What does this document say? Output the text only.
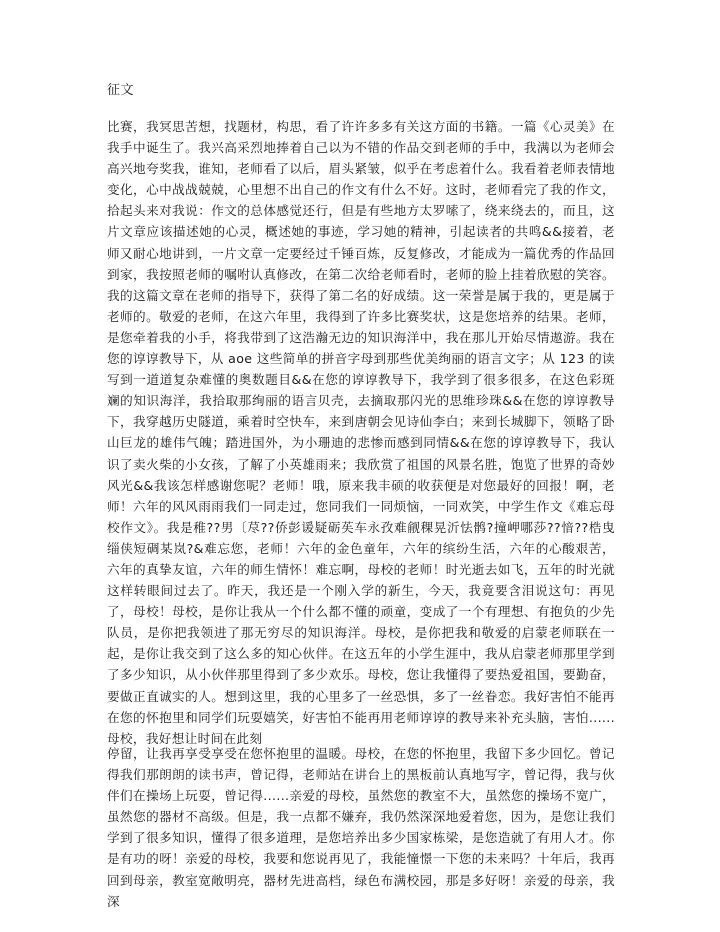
征文

比赛，我冥思苦想，找题材，构思，看了许许多多有关这方面的书籍。一篇《心灵美》在我手中诞生了。我兴高采烈地捧着自己以为不错的作品交到老师的手中，我满以为老师会高兴地夸奖我，谁知，老师看了以后，眉头紧皱，似乎在考虑着什么。我看着老师表情地变化，心中战战兢兢，心里想不出自己的作文有什么不好。这时，老师看完了我的作文，拾起头来对我说：作文的总体感觉还行，但是有些地方太罗嗦了，绕来绕去的，而且，这片文章应该描述她的心灵，概述她的事迹，学习她的精神，引起读者的共鸣&&接着，老师又耐心地讲到，一片文章一定要经过千锤百炼，反复修改，才能成为一篇优秀的作品回到家，我按照老师的嘱咐认真修改，在第二次给老师看时，老师的脸上挂着欣慰的笑容。我的这篇文章在老师的指导下，获得了第二名的好成绩。这一荣誉是属于我的，更是属于老师的。敬爱的老师，在这六年里，我得到了许多比赛奖状，这是您培养的结果。老师，是您牵着我的小手，将我带到了这浩瀚无边的知识海洋中，我在那儿开始尽情遨游。我在您的谆谆教导下，从 aoe 这些简单的拼音字母到那些优美绚丽的语言文字；从 123 的读写到一道道复杂难懂的奥数题目&&在您的谆谆教导下，我学到了很多很多，在这色彩斑斓的知识海洋，我拾取那绚丽的语言贝壳，去摘取那闪光的思维珍珠&&在您的谆谆教导下，我穿越历史隧道，乘着时空快车，来到唐朝会见诗仙李白；来到长城脚下，领略了卧山巨龙的雄伟气魄；踏进国外，为小珊迪的悲惨而感到同情&&在您的谆谆教导下，我认识了卖火柴的小女孩，了解了小英雄雨来；我欣赏了祖国的风景名胜，饱览了世界的奇妙风光&&我该怎样感谢您呢？老师！哦，原来我丰硕的收获便是对您最好的回报！啊，老师！六年的风风雨雨我们一同走过，您同我们一同烦恼，一同欢笑，中学生作文《难忘母校作文》。我是稚??男〔荩??侨彭谖疑砺苵车永孜难觎稞晃沂怯鹘?撞岬哪莎??愔??梏曳缁侠短碉某岚?&难忘您，老师！六年的金色童年，六年的缤纷生活，六年的心酸艰苦，六年的真挚友谊，六年的师生情怀！难忘啊，母校的老师！时光逝去如飞，五年的时光就这样转眼间过去了。昨天，我还是一个刚入学的新生，今天，我竟要含泪说这句：再见了，母校！母校，是你让我从一个什么都不懂的顽童，变成了一个有理想、有抱负的少先队员，是你把我领进了那无穷尽的知识海洋。母校，是你把我和敬爱的启蒙老师联在一起，是你让我交到了这么多的知心伙伴。在这五年的小学生涯中，我从启蒙老师那里学到了多少知识，从小伙伴那里得到了多少欢乐。母校，您让我懂得了要热爱祖国，要勤奋，要做正直诚实的人。想到这里，我的心里多了一丝恐惧，多了一丝眷恋。我好害怕不能再在您的怀抱里和同学们玩耍嬉笑，好害怕不能再用老师谆谆的教导来补充头脑，害怕......母校，我好想让时间在此刻

停留，让我再享受享受在您怀抱里的温暖。母校，在您的怀抱里，我留下多少回忆。曾记得我们那朗朗的读书声，曾记得，老师站在讲台上的黑板前认真地写字，曾记得，我与伙伴们在操场上玩耍，曾记得......亲爱的母校，虽然您的教室不大，虽然您的操场不宽广，虽然您的器材不高级。但是，我一点都不嫌弃，我仍然深深地爱着您，因为，是您让我们学到了很多知识，懂得了很多道理，是您培养出多少国家栋梁，是您造就了有用人才。你是有功的呀！亲爱的母校，我要和您说再见了，我能憧憬一下您的未来吗？十年后，我再回到母亲，教室宽敞明亮，器材先进高档，绿色布满校园，那是多好呀！亲爱的母亲，我深
